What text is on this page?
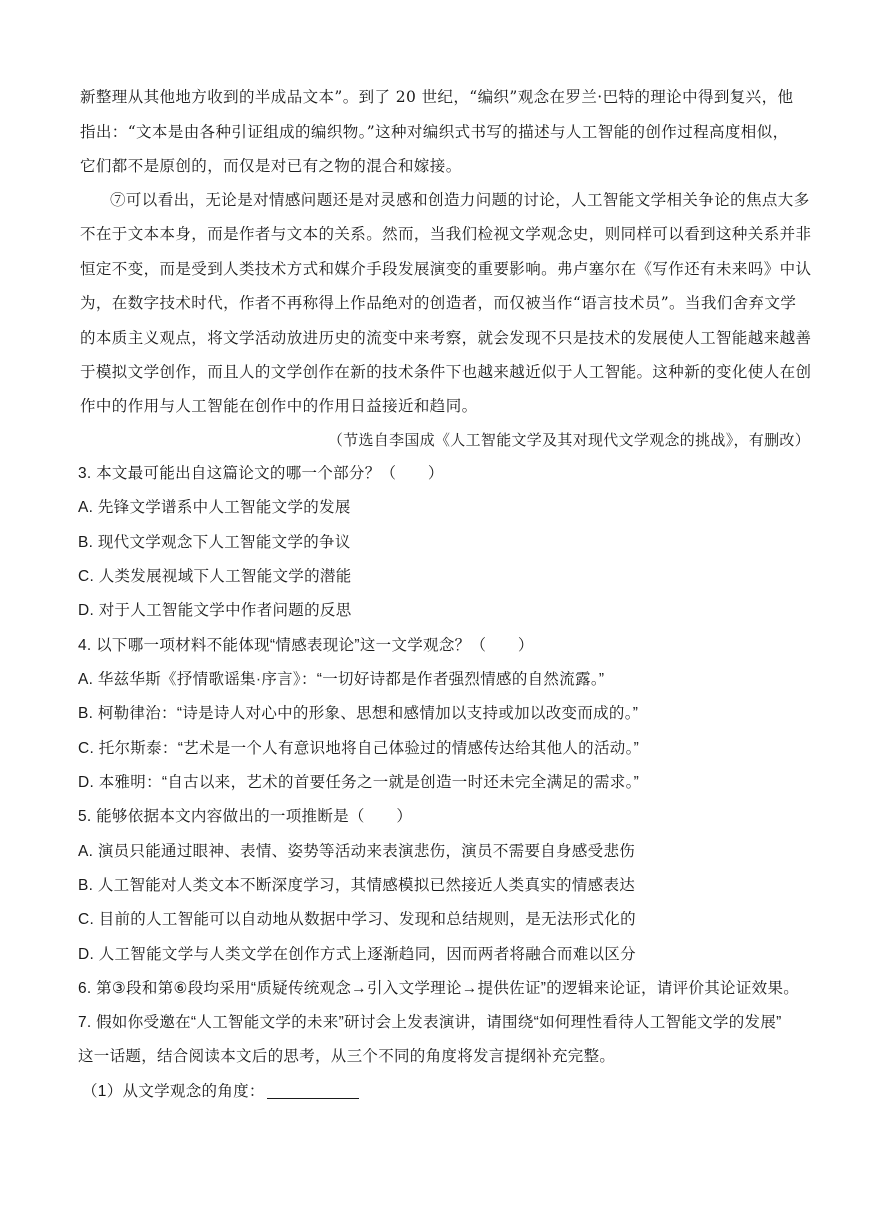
新整理从其他地方收到的半成品文本”。到了 20 世纪，“编织”观念在罗兰·巴特的理论中得到复兴，他
指出：“文本是由各种引证组成的编织物。”这种对编织式书写的描述与人工智能的创作过程高度相似，
它们都不是原创的，而仅是对已有之物的混合和嫁接。
⑦可以看出，无论是对情感问题还是对灵感和创造力问题的讨论，人工智能文学相关争论的焦点大多
不在于文本本身，而是作者与文本的关系。然而，当我们检视文学观念史，则同样可以看到这种关系并非
恒定不变，而是受到人类技术方式和媒介手段发展演变的重要影响。弗卢塞尔在《写作还有未来吗》中认
为，在数字技术时代，作者不再称得上作品绝对的创造者，而仅被当作“语言技术员”。当我们舍弃文学
的本质主义观点，将文学活动放进历史的流变中来考察，就会发现不只是技术的发展使人工智能越来越善
于模拟文学创作，而且人的文学创作在新的技术条件下也越来越近似于人工智能。这种新的变化使人在创
作中的作用与人工智能在创作中的作用日益接近和趋同。
（节选自李国成《人工智能文学及其对现代文学观念的挑战》，有删改）
3. 本文最可能出自这篇论文的哪一个部分？（　　）
A. 先锋文学谱系中人工智能文学的发展
B. 现代文学观念下人工智能文学的争议
C. 人类发展视域下人工智能文学的潜能
D. 对于人工智能文学中作者问题的反思
4. 以下哪一项材料不能体现“情感表现论”这一文学观念？（　　）
A. 华兹华斯《抒情歌谣集·序言》：“一切好诗都是作者强烈情感的自然流露。”
B. 柯勒律治：“诗是诗人对心中的形象、思想和感情加以支持或加以改变而成的。”
C. 托尔斯泰：“艺术是一个人有意识地将自己体验过的情感传达给其他人的活动。”
D. 本雅明：“自古以来，艺术的首要任务之一就是创造一时还未完全满足的需求。”
5. 能够依据本文内容做出的一项推断是（　　）
A. 演员只能通过眼神、表情、姿势等活动来表演悲伤，演员不需要自身感受悲伤
B. 人工智能对人类文本不断深度学习，其情感模拟已然接近人类真实的情感表达
C. 目前的人工智能可以自动地从数据中学习、发现和总结规则，是无法形式化的
D. 人工智能文学与人类文学在创作方式上逐渐趋同，因而两者将融合而难以区分
6. 第③段和第⑥段均采用“质疑传统观念→引入文学理论→提供佐证”的逻辑来论证，请评价其论证效果。
7. 假如你受邀在“人工智能文学的未来”研讨会上发表演讲，请围绕“如何理性看待人工智能文学的发展”
这一话题，结合阅读本文后的思考，从三个不同的角度将发言提纲补充完整。
（1）从文学观念的角度：
